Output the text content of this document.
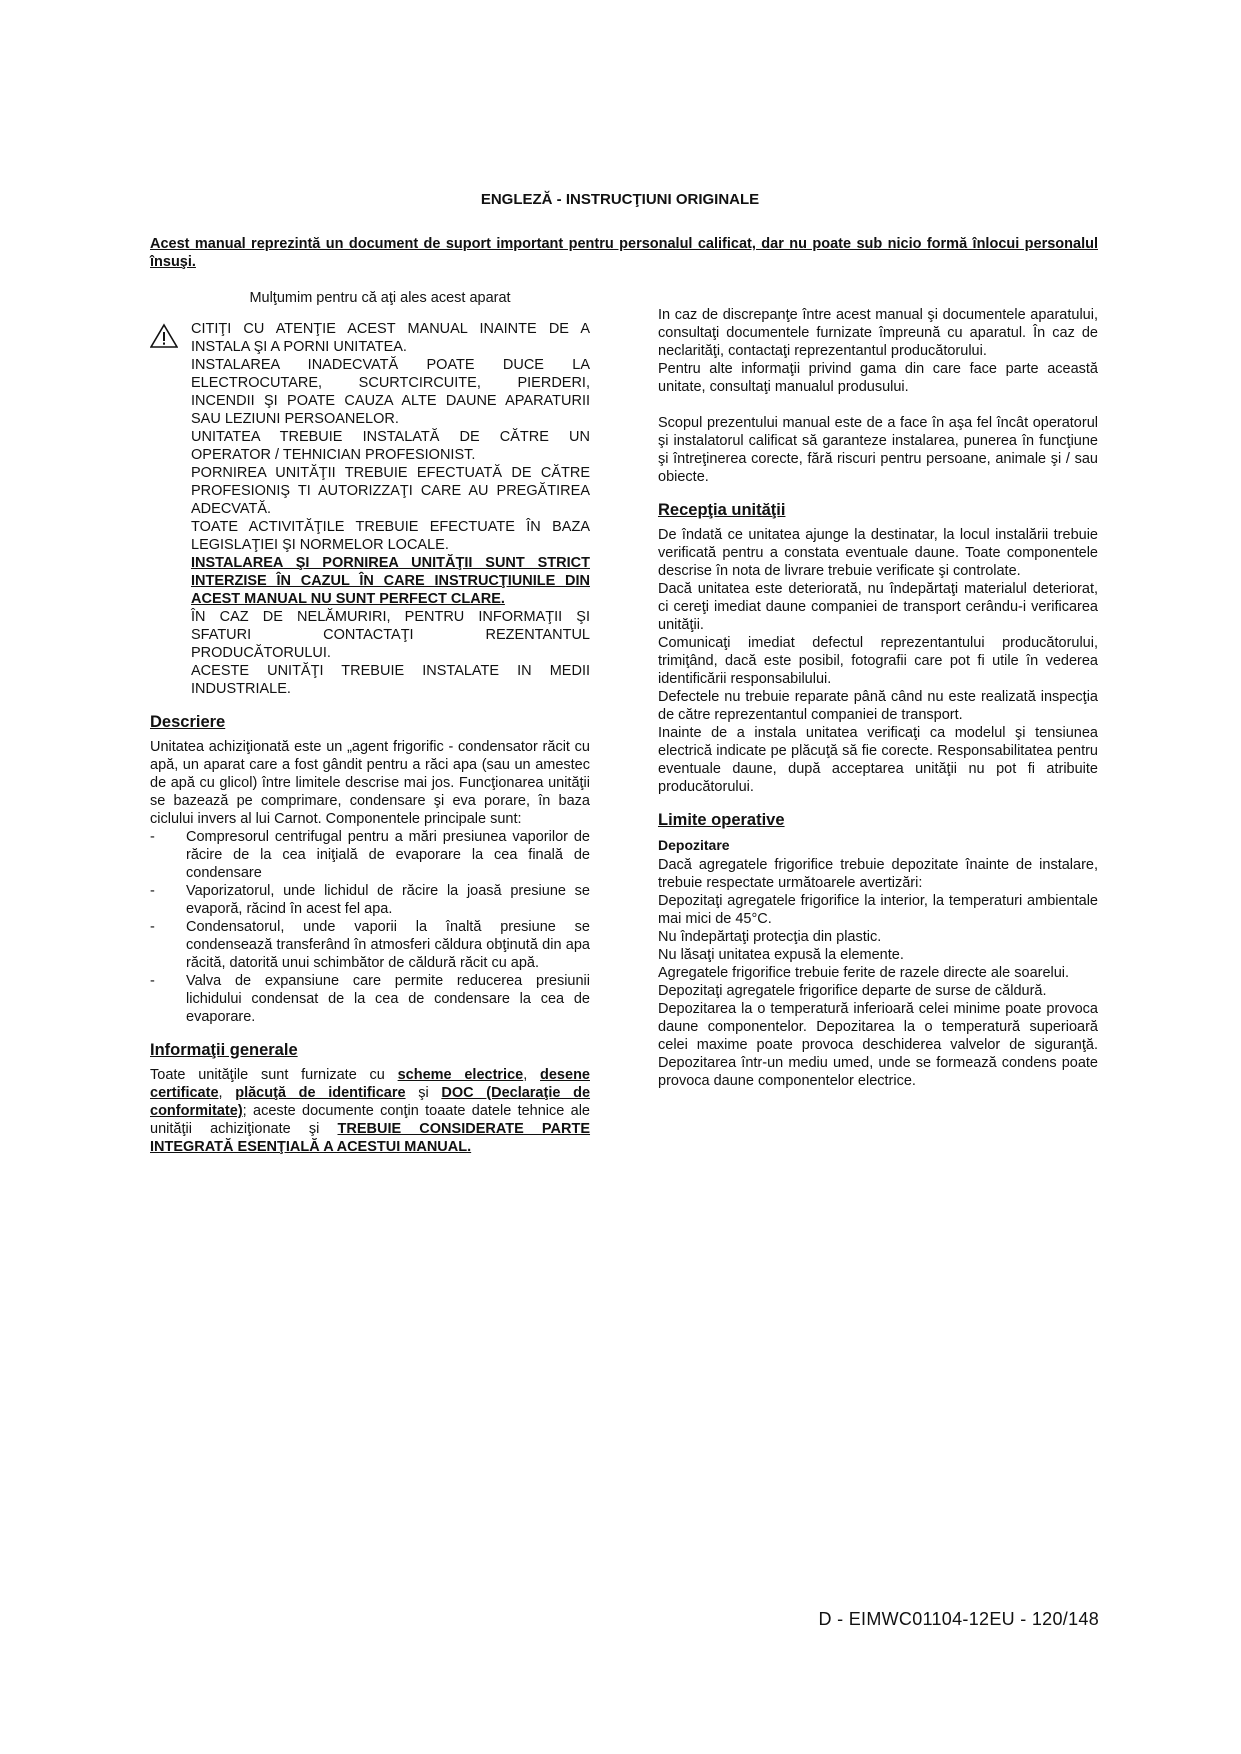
ENGLEZĂ - INSTRUCŢIUNI ORIGINALE
Acest manual reprezintă un document de suport important pentru personalul calificat, dar nu poate sub nicio formă înlocui personalul însuşi.

Mulţumim pentru că aţi ales acest aparat

CITIŢI CU ATENŢIE ACEST MANUAL INAINTE DE A INSTALA ŞI A PORNI UNITATEA.

INSTALAREA INADECVATĂ POATE DUCE LA ELECTROCUTARE, SCURTCIRCUITE, PIERDERI, INCENDII ŞI POATE CAUZA ALTE DAUNE APARATURII SAU LEZIUNI PERSOANELOR.

UNITATEA TREBUIE INSTALATĂ DE CĂTRE UN OPERATOR / TEHNICIAN PROFESIONIST.

PORNIREA UNITĂŢII TREBUIE EFECTUATĂ DE CĂTRE PROFESIONIŞ TI AUTORIZZAŢI CARE AU PREGĂTIREA ADECVATĂ.

TOATE ACTIVITĂŢILE TREBUIE EFECTUATE ÎN BAZA LEGISLAŢIEI ŞI NORMELOR LOCALE.

INSTALAREA ŞI PORNIREA UNITĂŢII SUNT STRICT INTERZISE ÎN CAZUL ÎN CARE INSTRUCŢIUNILE DIN ACEST MANUAL NU SUNT PERFECT CLARE.

ÎN CAZ DE NELĂMURIRI, PENTRU INFORMAŢII ŞI SFATURI CONTACTAŢI REZENTANTUL PRODUCĂTORULUI.

ACESTE UNITĂŢI TREBUIE INSTALATE IN MEDII INDUSTRIALE.

Descriere

Unitatea achiziţionată este un „agent frigorific - condensator răcit cu apă, un aparat care a fost gândit pentru a răci apa (sau un amestec de apă cu glicol) între limitele descrise mai jos. Funcţionarea unităţii se bazează pe comprimare, condensare şi eva porare, în baza ciclului invers al lui Carnot. Componentele principale sunt:

- Compresorul centrifugal pentru a mări presiunea vaporilor de răcire de la cea iniţială de evaporare la cea finală de condensare
- Vaporizatorul, unde lichidul de răcire la joasă presiune se evaporă, răcind în acest fel apa.
- Condensatorul, unde vaporii la înaltă presiune se condensează transferând în atmosferi căldura obţinută din apa răcită, datorită unui schimbător de căldură răcit cu apă.
- Valva de expansiune care permite reducerea presiunii lichidului condensat de la cea de condensare la cea de evaporare.
Informaţii generale

Toate unităţile sunt furnizate cu scheme electrice, desene certificate, plăcuţă de identificare şi DOC (Declaraţie de conformitate); aceste documente conţin toaate datele tehnice ale unităţii achiziţionate şi TREBUIE CONSIDERATE PARTE INTEGRATĂ ESENŢIALĂ A ACESTUI MANUAL.

In caz de discrepanţe între acest manual şi documentele aparatului, consultaţi documentele furnizate împreună cu aparatul. În caz de neclarităţi, contactaţi reprezentantul producătorului.

Pentru alte informaţii privind gama din care face parte această unitate, consultaţi manualul produsului.

Scopul prezentului manual este de a face în aşa fel încât operatorul şi instalatorul calificat să garanteze instalarea, punerea în funcţiune şi întreţinerea corecte, fără riscuri pentru persoane, animale şi / sau obiecte.

Recepţia unităţii

De îndată ce unitatea ajunge la destinatar, la locul instalării trebuie verificată pentru a constata eventuale daune. Toate componentele descrise în nota de livrare trebuie verificate şi controlate.

Dacă unitatea este deteriorată, nu îndepărtaţi materialul deteriorat, ci cereţi imediat daune companiei de transport cerându-i verificarea unităţii.

Comunicaţi imediat defectul reprezentantului producătorului, trimiţând, dacă este posibil, fotografii care pot fi utile în vederea identificării responsabilului.

Defectele nu trebuie reparate până când nu este realizată inspecţia de către reprezentantul companiei de transport.

Inainte de a instala unitatea verificaţi ca modelul şi tensiunea electrică indicate pe plăcuţă să fie corecte. Responsabilitatea pentru eventuale daune, după acceptarea unităţii nu pot fi atribuite producătorului.

Limite operative
Depozitare

Dacă agregatele frigorifice trebuie depozitate înainte de instalare, trebuie respectate următoarele avertizări:

Depozitaţi agregatele frigorifice la interior, la temperaturi ambientale mai mici de 45°C.

Nu îndepărtaţi protecţia din plastic.

Nu lăsaţi unitatea expusă la elemente.

Agregatele frigorifice trebuie ferite de razele directe ale soarelui.

Depozitaţi agregatele frigorifice departe de surse de căldură.

Depozitarea la o temperatură inferioară celei minime poate provoca daune componentelor. Depozitarea la o temperatură superioară celei maxime poate provoca deschiderea valvelor de siguranţă. Depozitarea într-un mediu umed, unde se formează condens poate provoca daune componentelor electrice.

D - EIMWC01104-12EU - 120/148
